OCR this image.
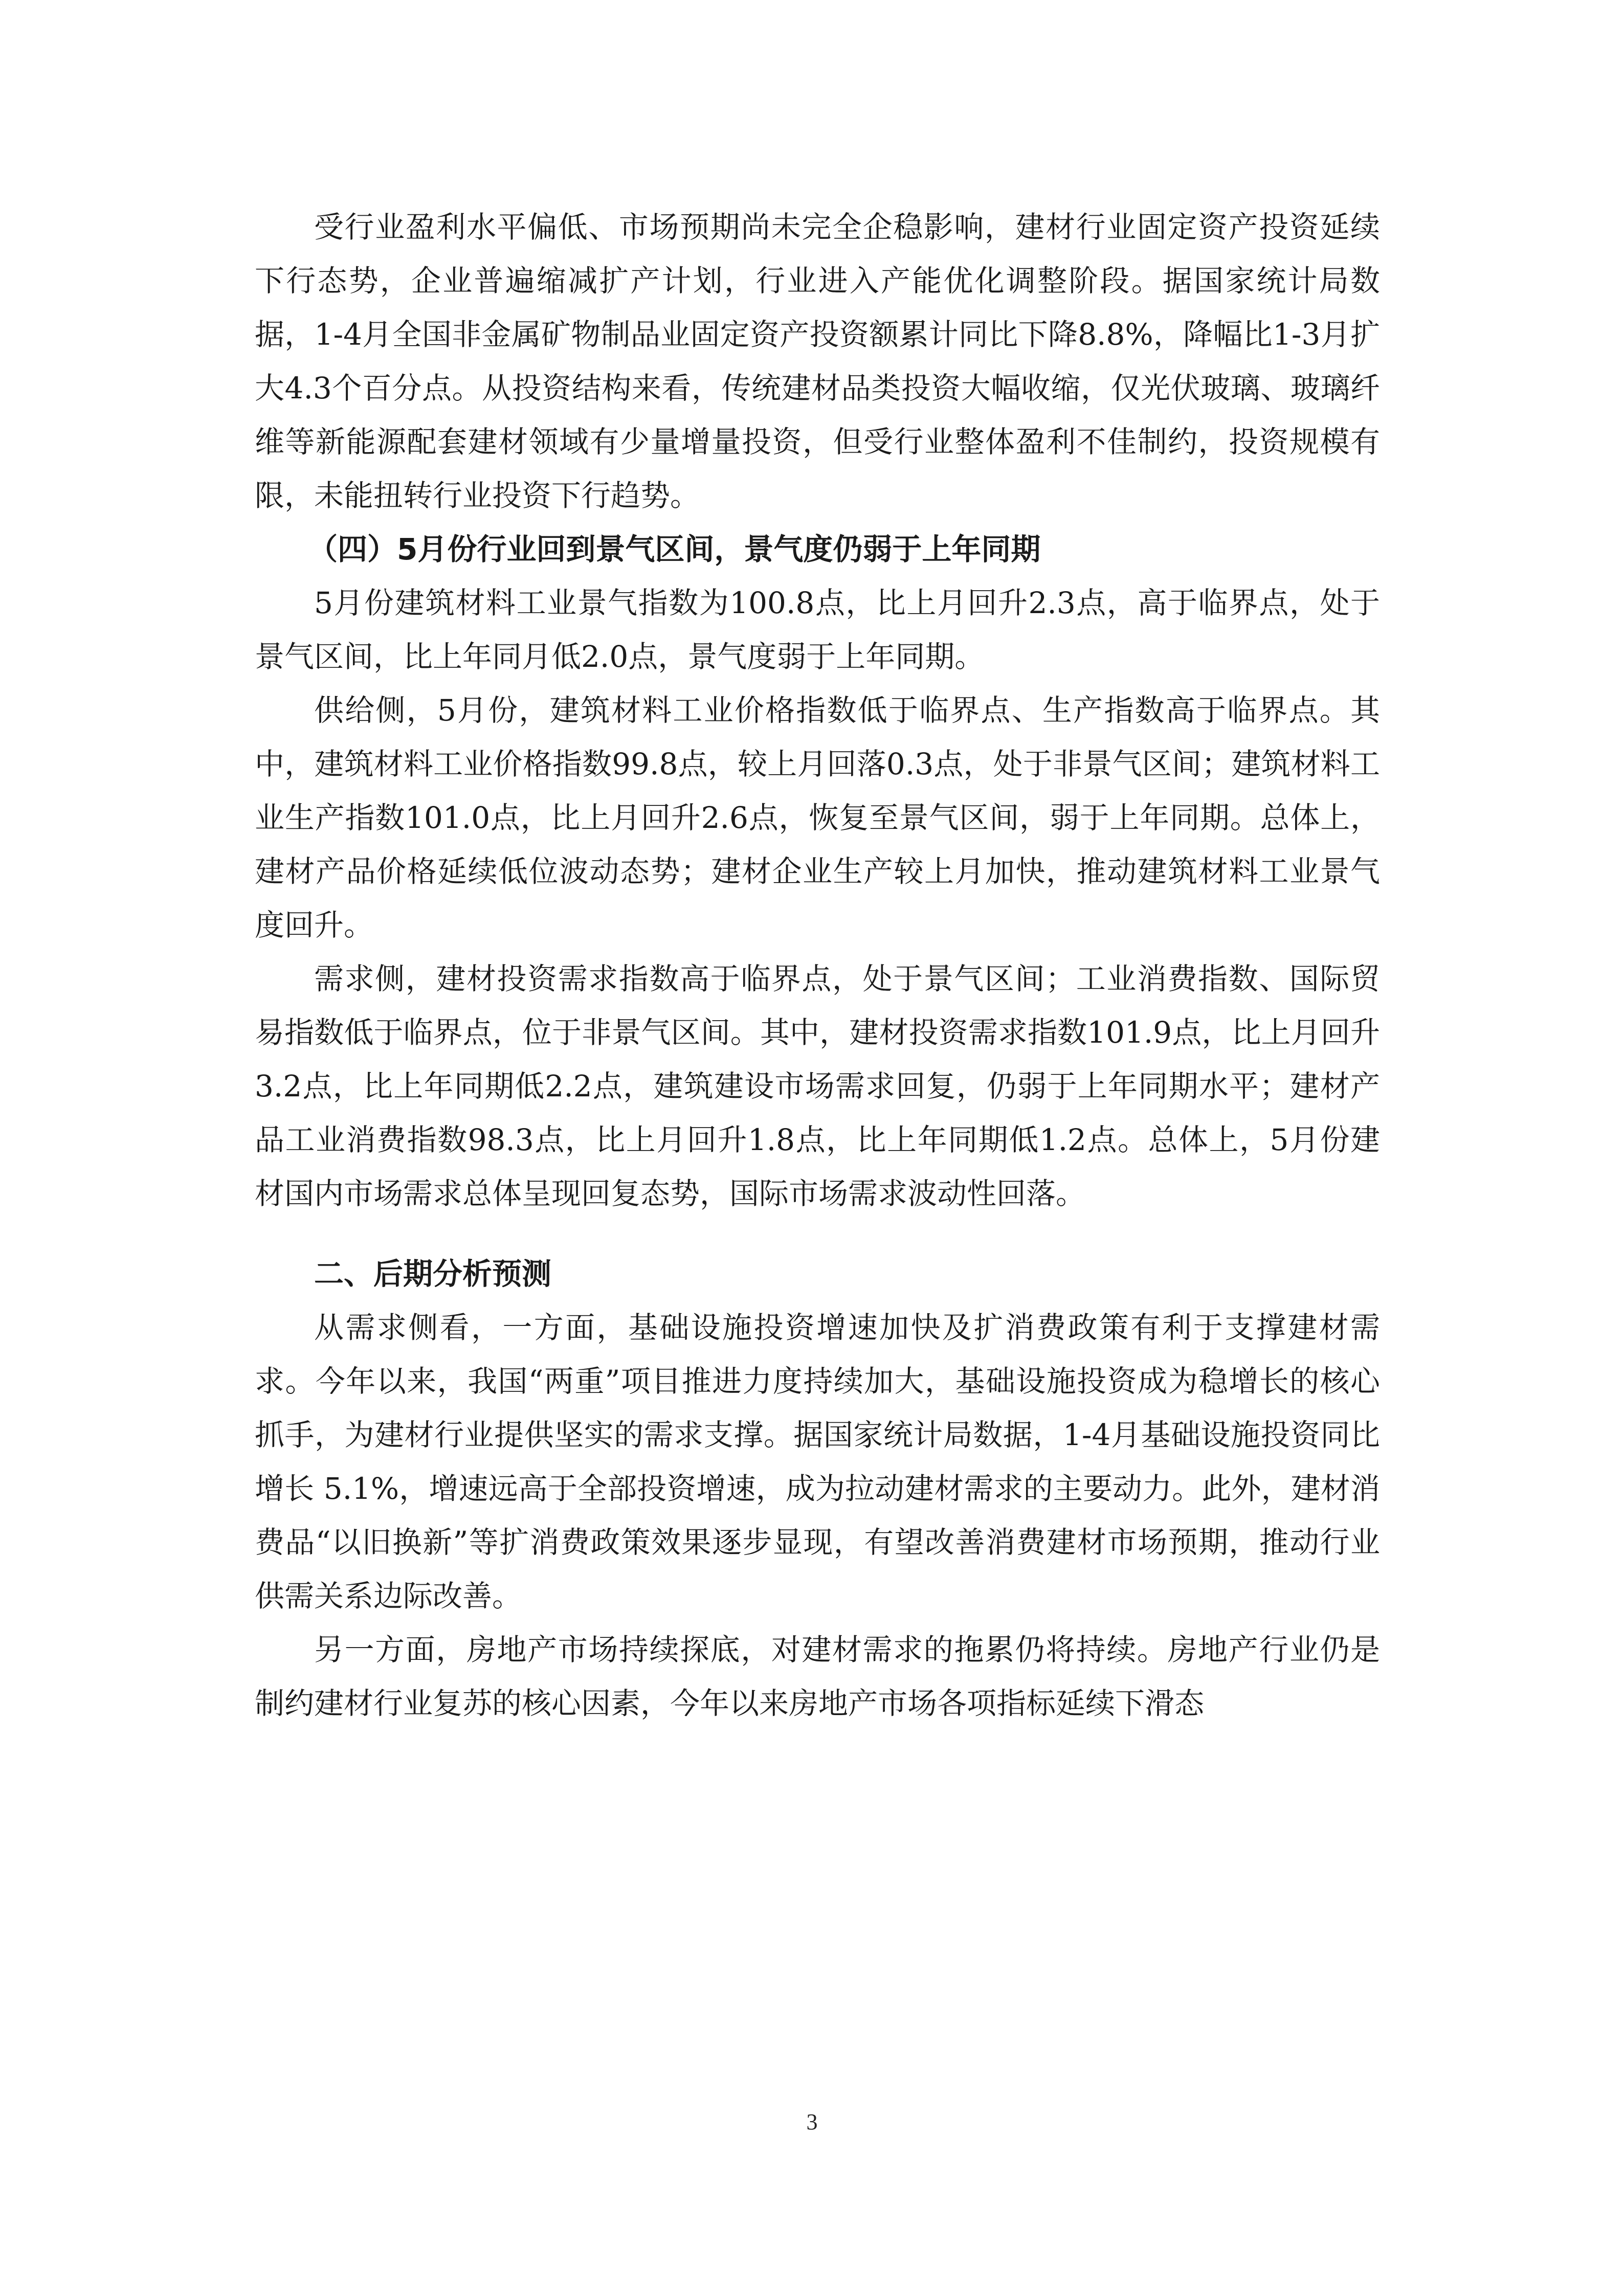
受行业盈利水平偏低、市场预期尚未完全企稳影响，建材行业固定资产投资延续下行态势，企业普遍缩减扩产计划，行业进入产能优化调整阶段。据国家统计局数据，1-4月全国非金属矿物制品业固定资产投资额累计同比下降8.8%，降幅比1-3月扩大4.3个百分点。从投资结构来看，传统建材品类投资大幅收缩，仅光伏玻璃、玻璃纤维等新能源配套建材领域有少量增量投资，但受行业整体盈利不佳制约，投资规模有限，未能扭转行业投资下行趋势。

（四）5月份行业回到景气区间，景气度仍弱于上年同期

5月份建筑材料工业景气指数为100.8点，比上月回升2.3点，高于临界点，处于景气区间，比上年同月低2.0点，景气度弱于上年同期。

供给侧，5月份，建筑材料工业价格指数低于临界点、生产指数高于临界点。其中，建筑材料工业价格指数99.8点，较上月回落0.3点，处于非景气区间；建筑材料工业生产指数101.0点，比上月回升2.6点，恢复至景气区间，弱于上年同期。总体上，建材产品价格延续低位波动态势；建材企业生产较上月加快，推动建筑材料工业景气度回升。

需求侧，建材投资需求指数高于临界点，处于景气区间；工业消费指数、国际贸易指数低于临界点，位于非景气区间。其中，建材投资需求指数101.9点，比上月回升3.2点，比上年同期低2.2点，建筑建设市场需求回复，仍弱于上年同期水平；建材产品工业消费指数98.3点，比上月回升1.8点，比上年同期低1.2点。总体上，5月份建材国内市场需求总体呈现回复态势，国际市场需求波动性回落。

二、后期分析预测

从需求侧看，一方面，基础设施投资增速加快及扩消费政策有利于支撑建材需求。今年以来，我国“两重”项目推进力度持续加大，基础设施投资成为稳增长的核心抓手，为建材行业提供坚实的需求支撑。据国家统计局数据，1-4月基础设施投资同比增长 5.1%，增速远高于全部投资增速，成为拉动建材需求的主要动力。此外，建材消费品“以旧换新”等扩消费政策效果逐步显现，有望改善消费建材市场预期，推动行业供需关系边际改善。

另一方面，房地产市场持续探底，对建材需求的拖累仍将持续。房地产行业仍是制约建材行业复苏的核心因素，今年以来房地产市场各项指标延续下滑态

3
